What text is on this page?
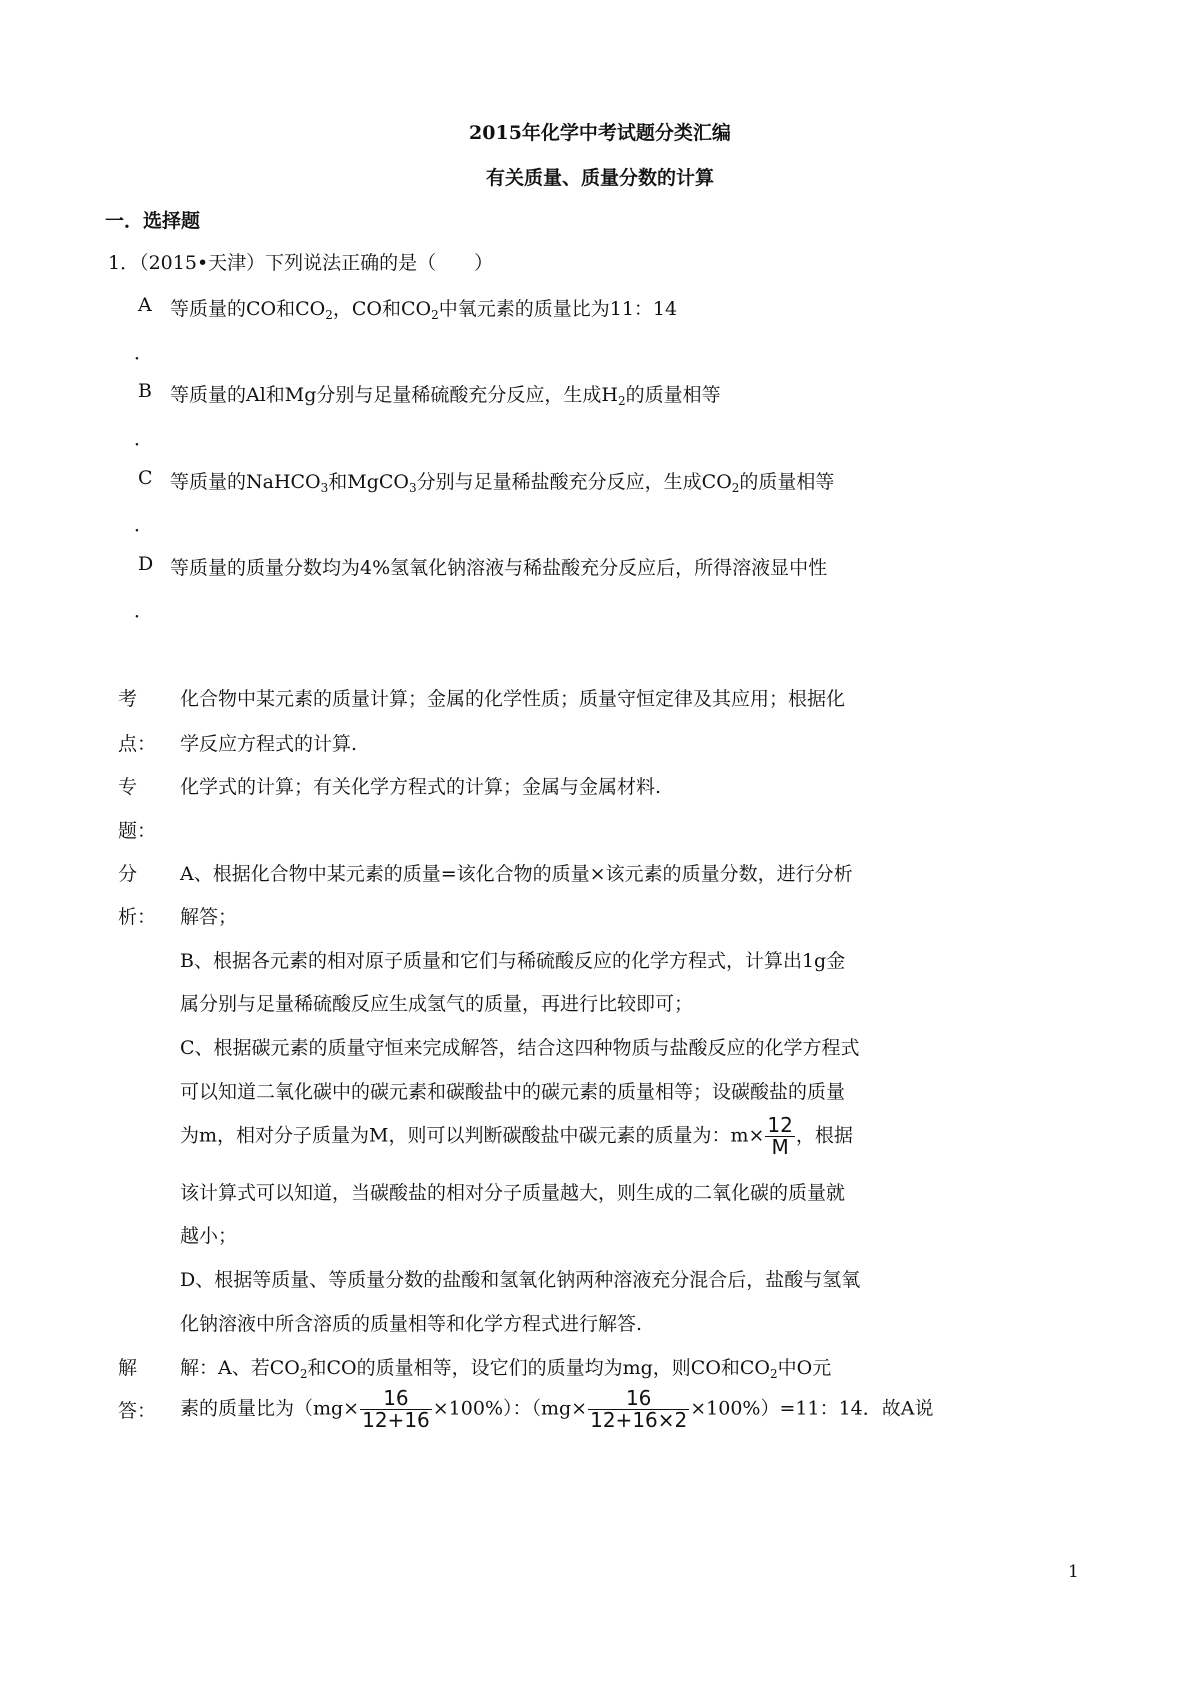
2015年化学中考试题分类汇编
有关质量、质量分数的计算
一．选择题
1．（2015•天津）下列说法正确的是（　　）
A 等质量的CO和$CO_2$，CO和$CO_2$中氧元素的质量比为11：14
．
B 等质量的Al和Mg分别与足量稀硫酸充分反应，生成$H_2$的质量相等
．
C 等质量的NaHCO$_3$和MgCO$_3$分别与足量稀盐酸充分反应，生成$CO_2$的质量相等
．
D 等质量的质量分数均为4%氢氧化钠溶液与稀盐酸充分反应后，所得溶液显中性
．
考
点：
化合物中某元素的质量计算；金属的化学性质；质量守恒定律及其应用；根据化
学反应方程式的计算.
专
题：
化学式的计算；有关化学方程式的计算；金属与金属材料.
分
析：
A、根据化合物中某元素的质量=该化合物的质量×该元素的质量分数，进行分析
解答；
B、根据各元素的相对原子质量和它们与稀硫酸反应的化学方程式，计算出1g金
属分别与足量稀硫酸反应生成氢气的质量，再进行比较即可；
C、根据碳元素的质量守恒来完成解答，结合这四种物质与盐酸反应的化学方程式
可以知道二氧化碳中的碳元素和碳酸盐中的碳元素的质量相等；设碳酸盐的质量
为m，相对分子质量为M，则可以判断碳酸盐中碳元素的质量为：$m\times \frac{12}{M}$ ，根据
该计算式可以知道，当碳酸盐的相对分子质量越大，则生成的二氧化碳的质量就
越小；
D、根据等质量、等质量分数的盐酸和氢氧化钠两种溶液充分混合后，盐酸与氢氧
化钠溶液中所含溶质的质量相等和化学方程式进行解答.
解
答：
解：A、若$CO_2$和CO的质量相等，设它们的质量均为mg，则CO和$CO_2$中O元
素的质量比为$(mg\times \frac{16}{12+16} \times 100\%)$：$(mg\times \frac{16}{12+16\times 2} \times 100\%)=11$：14．故A说
1
